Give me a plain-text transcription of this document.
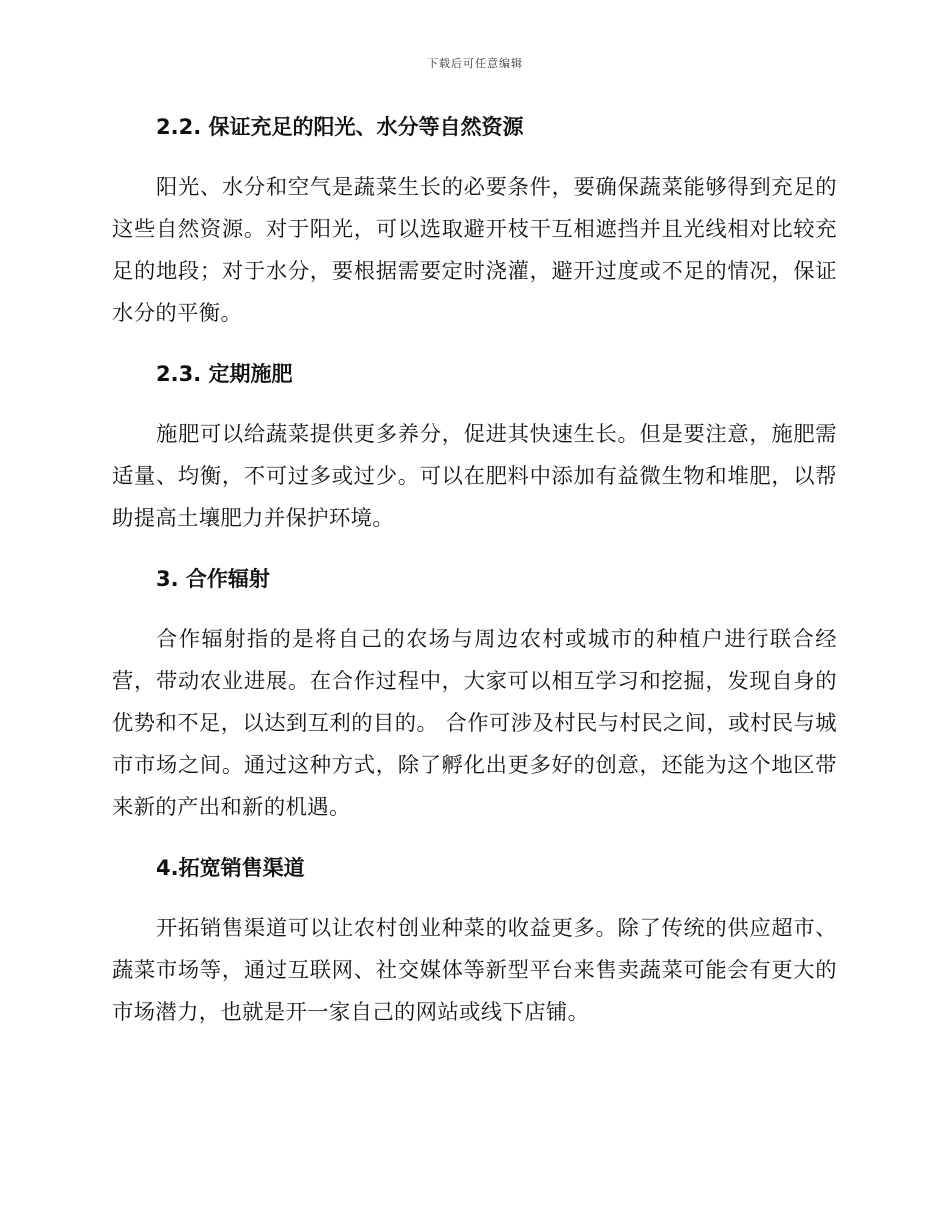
下载后可任意编辑
2.2. 保证充足的阳光、水分等自然资源

阳光、水分和空气是蔬菜生长的必要条件，要确保蔬菜能够得到充足的这些自然资源。对于阳光，可以选取避开枝干互相遮挡并且光线相对比较充足的地段；对于水分，要根据需要定时浇灌，避开过度或不足的情况，保证水分的平衡。

2.3. 定期施肥

施肥可以给蔬菜提供更多养分，促进其快速生长。但是要注意，施肥需适量、均衡，不可过多或过少。可以在肥料中添加有益微生物和堆肥，以帮助提高土壤肥力并保护环境。

3. 合作辐射

合作辐射指的是将自己的农场与周边农村或城市的种植户进行联合经营，带动农业进展。在合作过程中，大家可以相互学习和挖掘，发现自身的优势和不足，以达到互利的目的。 合作可涉及村民与村民之间，或村民与城市市场之间。通过这种方式，除了孵化出更多好的创意，还能为这个地区带来新的产出和新的机遇。

4.拓宽销售渠道

开拓销售渠道可以让农村创业种菜的收益更多。除了传统的供应超市、蔬菜市场等，通过互联网、社交媒体等新型平台来售卖蔬菜可能会有更大的市场潜力，也就是开一家自己的网站或线下店铺。
